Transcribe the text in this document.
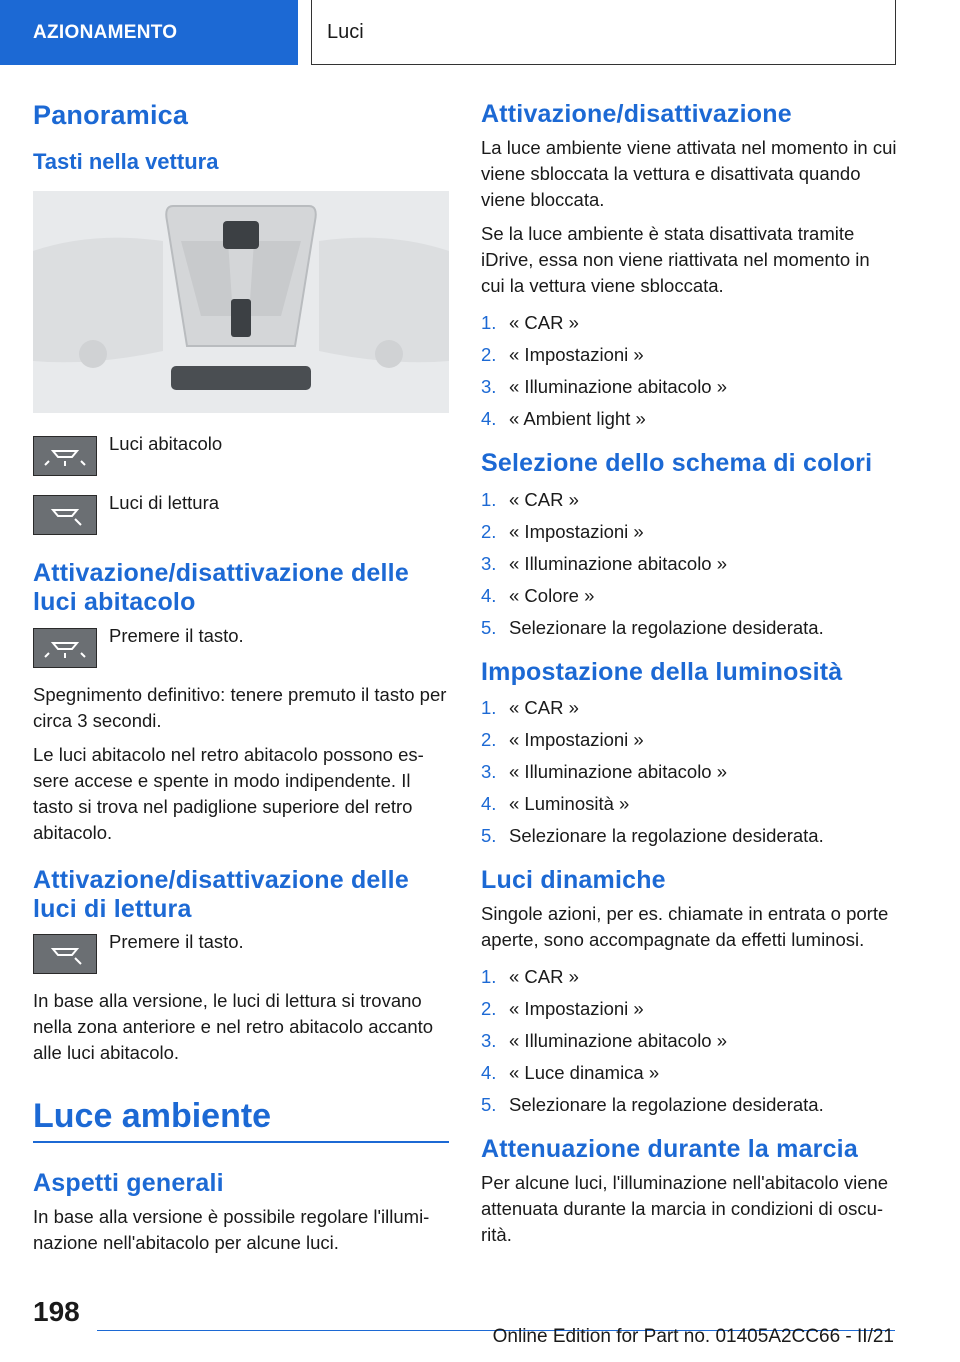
AZIONAMENTO	Luci
Panoramica
Tasti nella vettura
Luci abitacolo
Luci di lettura
Attivazione/disattivazione delle luci abitacolo
Premere il tasto.

Spegnimento definitivo: tenere premuto il tasto per circa 3 secondi.

Le luci abitacolo nel retro abitacolo possono es-sere accese e spente in modo indipendente. Il tasto si trova nel padiglione superiore del retro abitacolo.

Attivazione/disattivazione delle luci di lettura
Premere il tasto.

In base alla versione, le luci di lettura si trovano nella zona anteriore e nel retro abitacolo accanto alle luci abitacolo.

Luce ambiente
Aspetti generali

In base alla versione è possibile regolare l'illumi-nazione nell'abitacolo per alcune luci.

Attivazione/disattivazione

La luce ambiente viene attivata nel momento in cui viene sbloccata la vettura e disattivata quando viene bloccata.

Se la luce ambiente è stata disattivata tramite iDrive, essa non viene riattivata nel momento in cui la vettura viene sbloccata.

1. « CAR »
2. « Impostazioni »
3. « Illuminazione abitacolo »
4. « Ambient light »
Selezione dello schema di colori
1. « CAR »
2. « Impostazioni »
3. « Illuminazione abitacolo »
4. « Colore »
5. Selezionare la regolazione desiderata.
Impostazione della luminosità
1. « CAR »
2. « Impostazioni »
3. « Illuminazione abitacolo »
4. « Luminosità »
5. Selezionare la regolazione desiderata.
Luci dinamiche

Singole azioni, per es. chiamate in entrata o porte aperte, sono accompagnate da effetti luminosi.

1. « CAR »
2. « Impostazioni »
3. « Illuminazione abitacolo »
4. « Luce dinamica »
5. Selezionare la regolazione desiderata.
Attenuazione durante la marcia

Per alcune luci, l'illuminazione nell'abitacolo viene attenuata durante la marcia in condizioni di oscu-rità.

198
Online Edition for Part no. 01405A2CC66 - II/21
